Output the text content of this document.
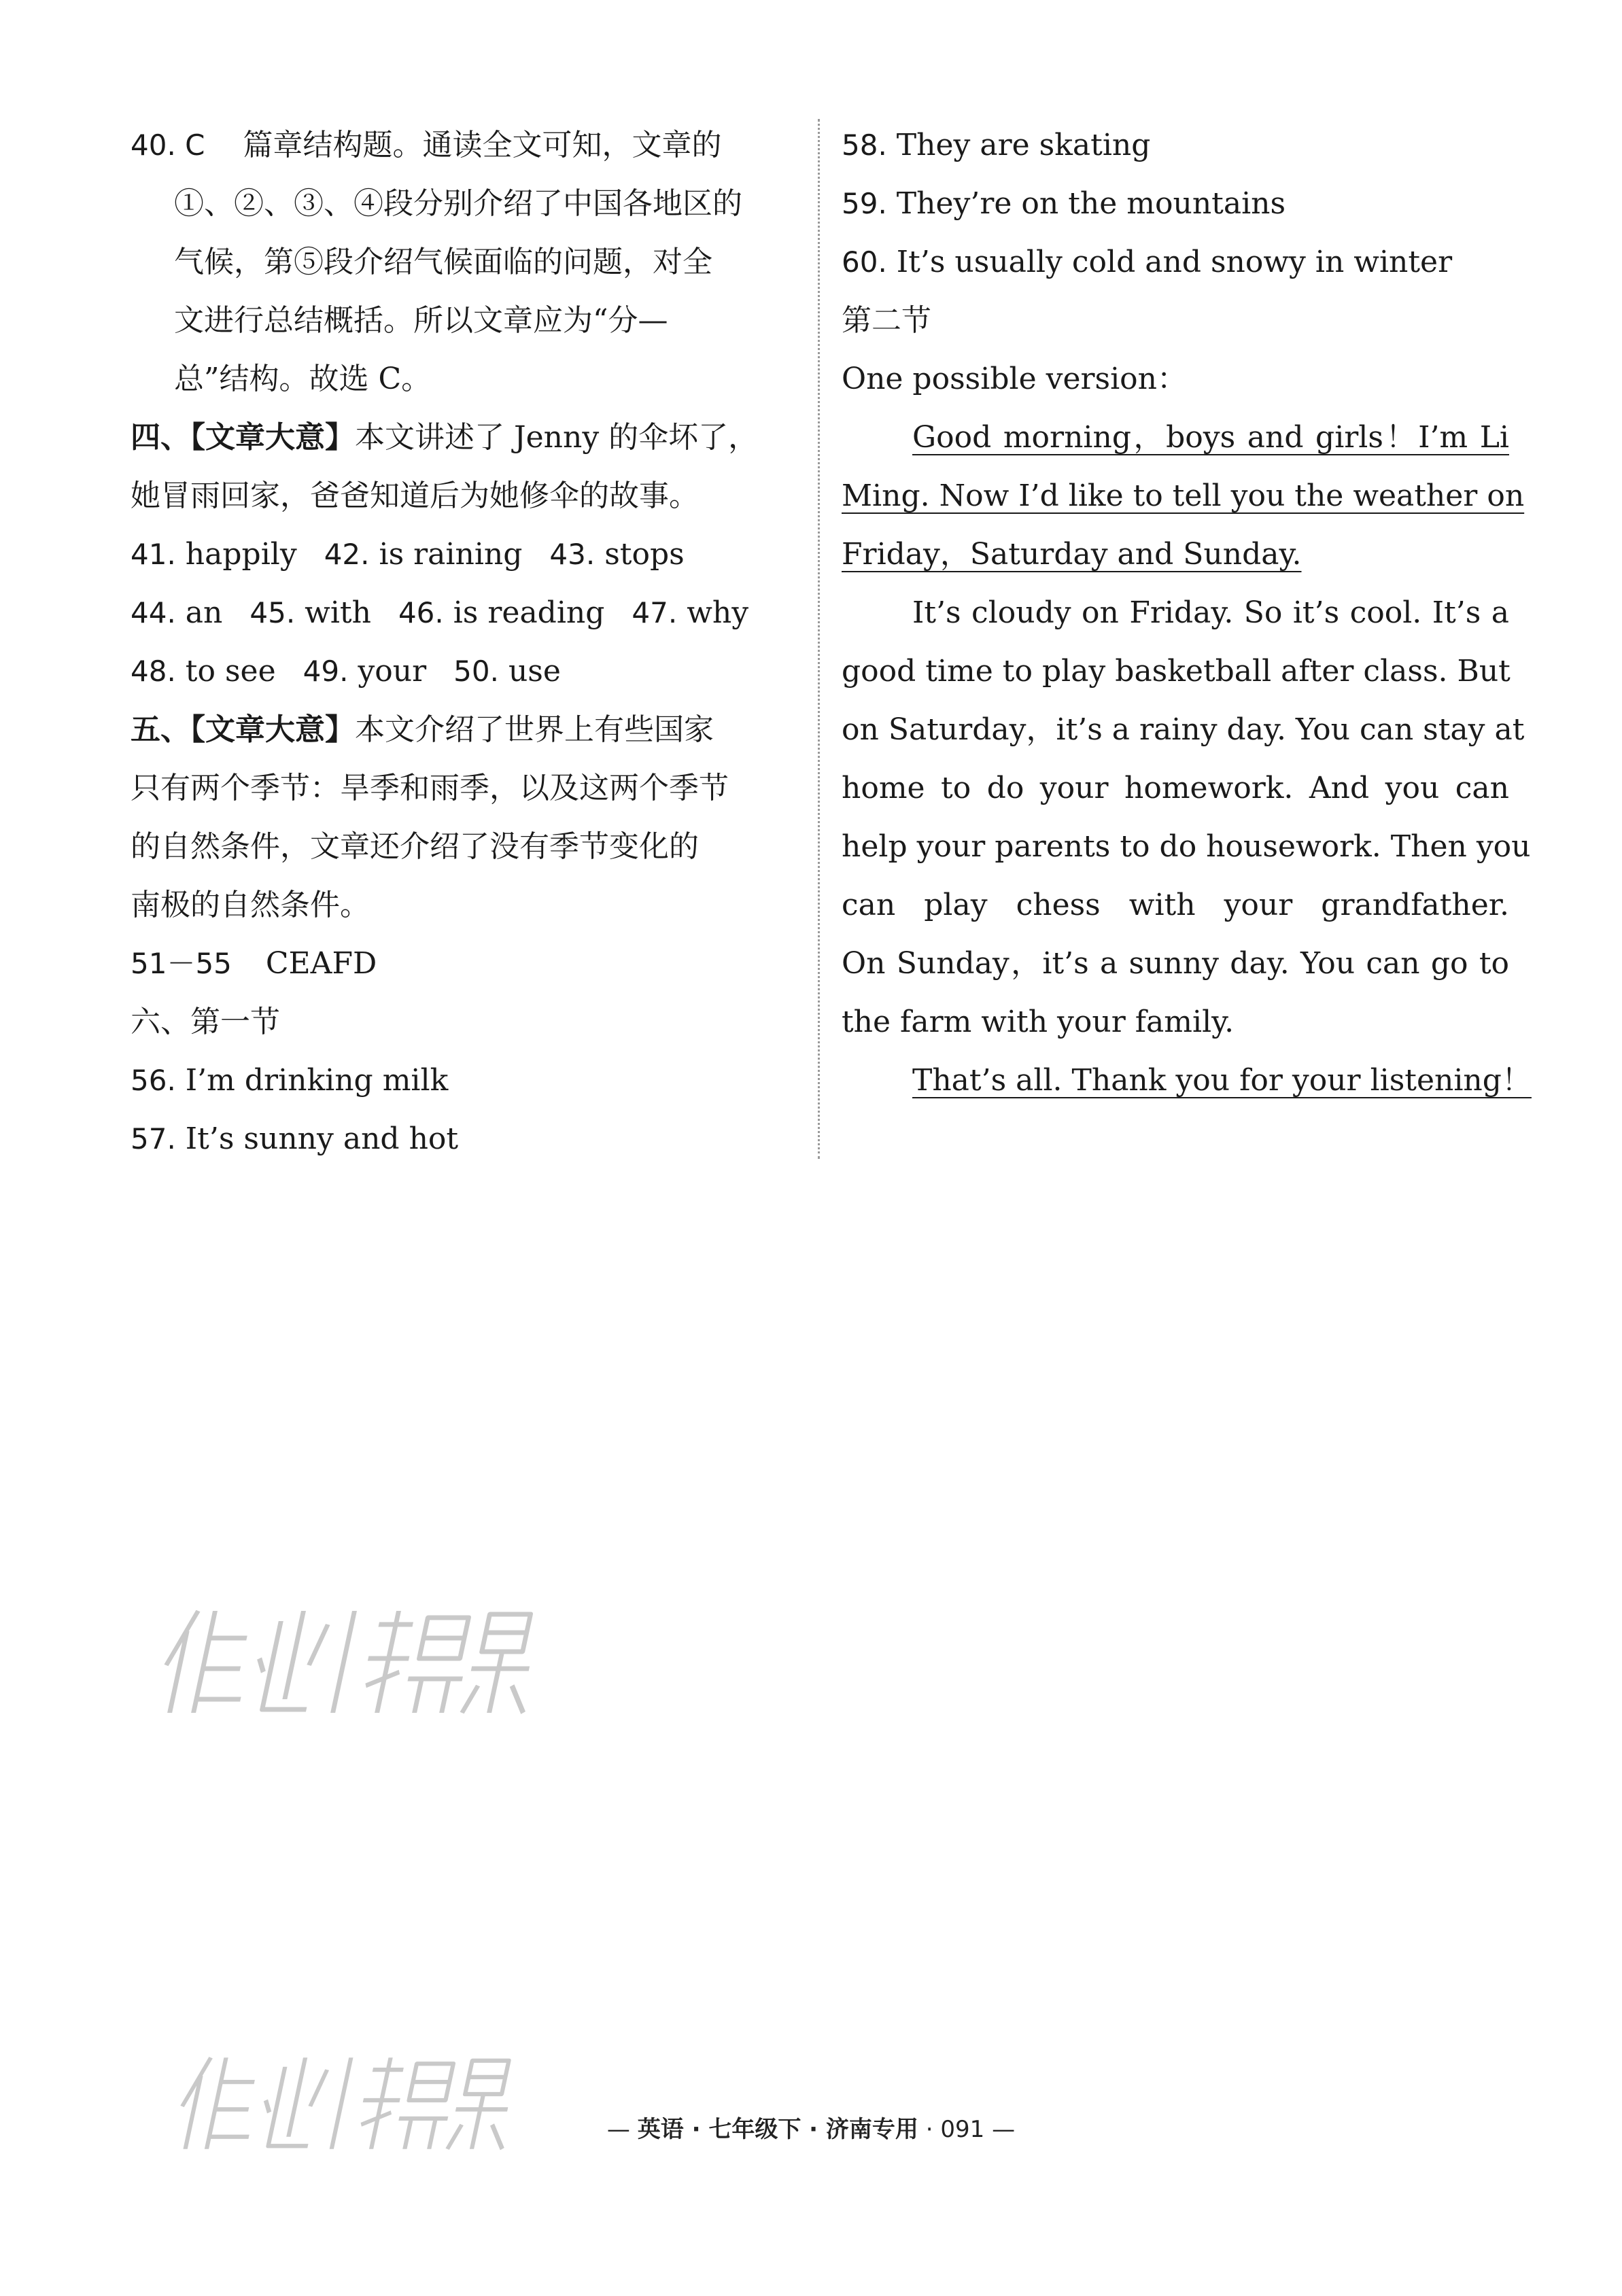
40. C 篇章结构题。通读全文可知，文章的
①、②、③、④段分别介绍了中国各地区的
气候，第⑤段介绍气候面临的问题，对全
文进行总结概括。所以文章应为“分—
总”结构。故选 C。
四、【文章大意】本文讲述了 Jenny 的伞坏了，
她冒雨回家，爸爸知道后为她修伞的故事。
41. happily 42. is raining 43. stops
44. an 45. with 46. is reading 47. why
48. to see 49. your 50. use
五、【文章大意】本文介绍了世界上有些国家
只有两个季节：旱季和雨季，以及这两个季节
的自然条件，文章还介绍了没有季节变化的
南极的自然条件。
51－55 CEAFD
六、第一节
56. I’m drinking milk
57. It’s sunny and hot
58. They are skating
59. They’re on the mountains
60. It’s usually cold and snowy in winter
第二节
One possible version：
Good morning，boys and girls！I’m Li
Ming. Now I’d like to tell you the weather on
Friday，Saturday and Sunday.
It’s cloudy on Friday. So it’s cool. It’s a
good time to play basketball after class. But
on Saturday，it’s a rainy day. You can stay at
home to do your homework. And you can
help your parents to do housework. Then you
can play chess with your grandfather.
On Sunday，it’s a sunny day. You can go to
the farm with your family.
That’s all. Thank you for your listening！
— 英语 · 七年级下 · 济南专用 · 091 —
